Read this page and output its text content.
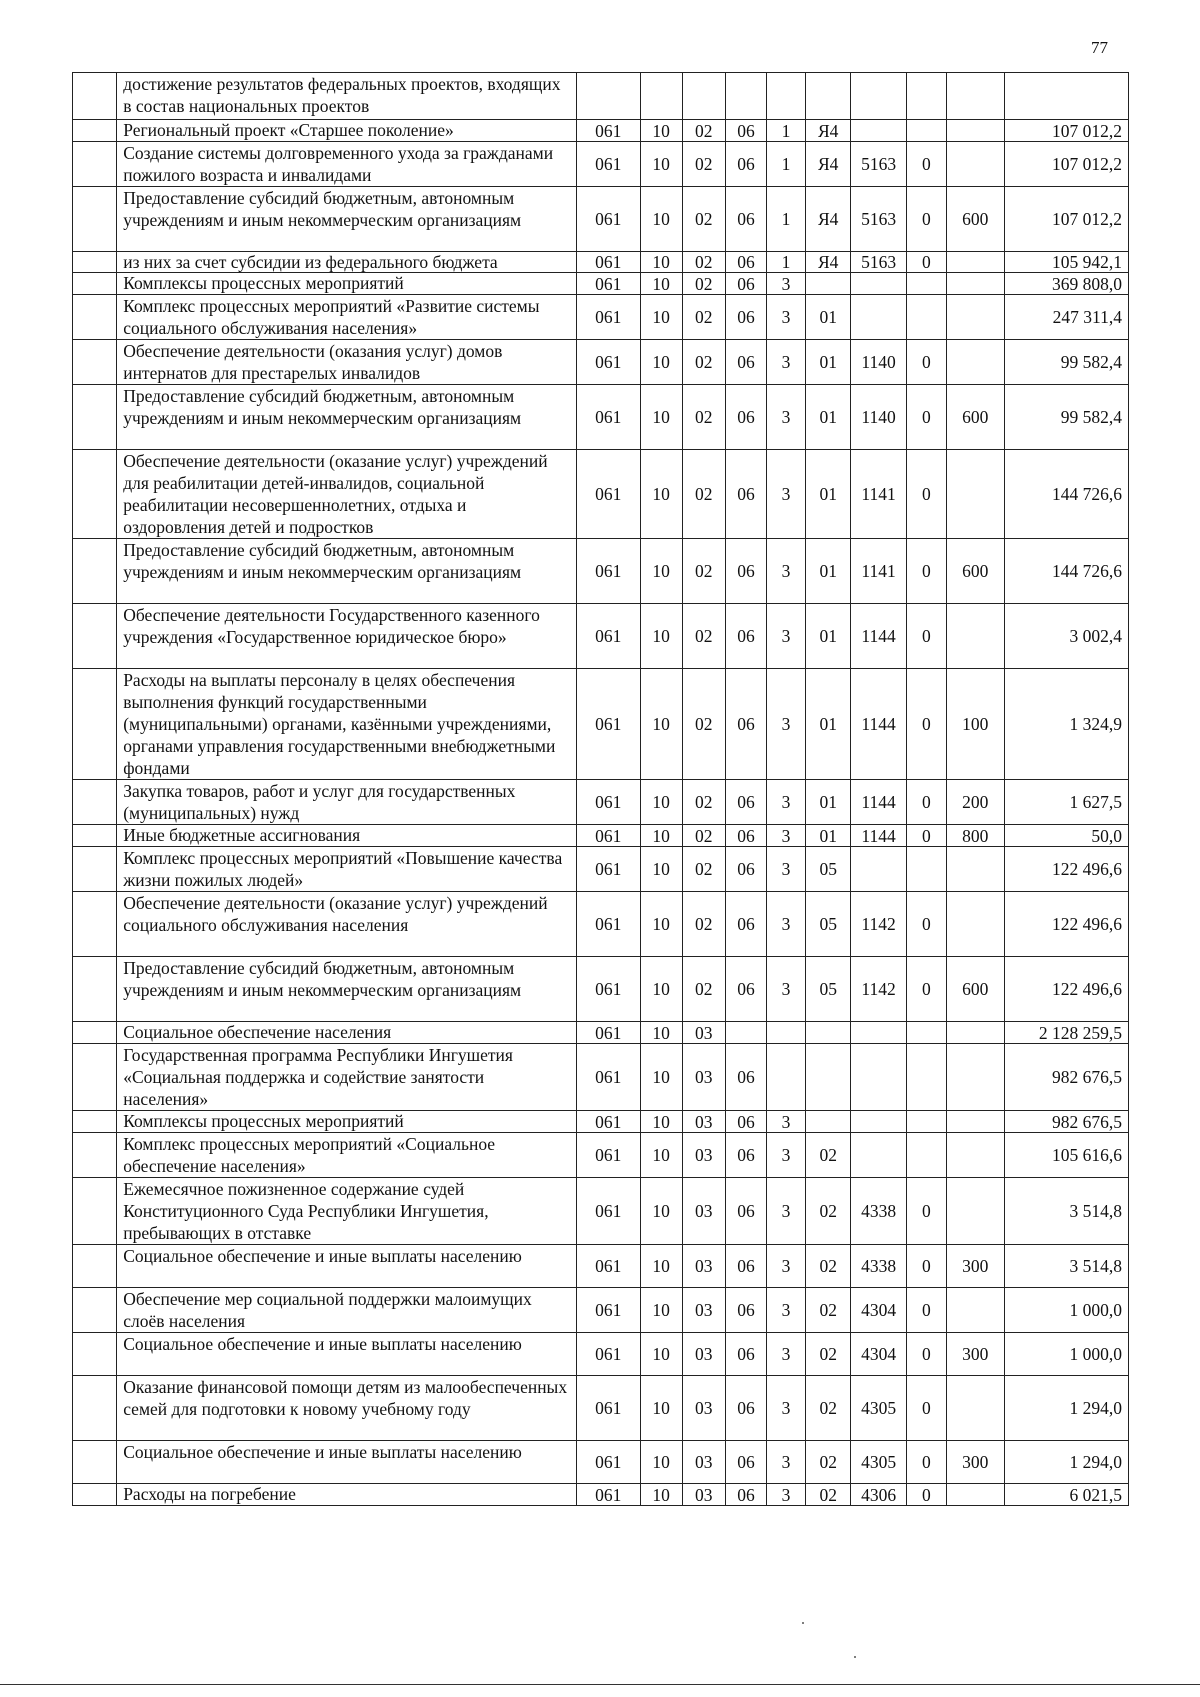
77
	достижение результатов федеральных проектов, входящих в состав национальных проектов										
	Региональный проект «Старшее поколение»	061	10	02	06	1	Я4				107 012,2
	Создание системы долговременного ухода за гражданами пожилого возраста и инвалидами	061	10	02	06	1	Я4	5163	0		107 012,2
	Предоставление субсидий бюджетным, автономным учреждениям и иным некоммерческим организациям	061	10	02	06	1	Я4	5163	0	600	107 012,2
	из них за счет субсидии из федерального бюджета	061	10	02	06	1	Я4	5163	0		105 942,1
	Комплексы процессных мероприятий	061	10	02	06	3					369 808,0
	Комплекс процессных мероприятий «Развитие системы социального обслуживания населения»	061	10	02	06	3	01				247 311,4
	Обеспечение деятельности (оказания услуг) домов интернатов для престарелых инвалидов	061	10	02	06	3	01	1140	0		99 582,4
	Предоставление субсидий бюджетным, автономным учреждениям и иным некоммерческим организациям	061	10	02	06	3	01	1140	0	600	99 582,4
	Обеспечение деятельности (оказание услуг) учреждений для реабилитации детей-инвалидов, социальной реабилитации несовершеннолетних, отдыха и оздоровления детей и подростков	061	10	02	06	3	01	1141	0		144 726,6
	Предоставление субсидий бюджетным, автономным учреждениям и иным некоммерческим организациям	061	10	02	06	3	01	1141	0	600	144 726,6
	Обеспечение деятельности Государственного казенного учреждения «Государственное юридическое бюро»	061	10	02	06	3	01	1144	0		3 002,4
	Расходы на выплаты персоналу в целях обеспечения выполнения функций государственными (муниципальными) органами, казёнными учреждениями, органами управления государственными внебюджетными фондами	061	10	02	06	3	01	1144	0	100	1 324,9
	Закупка товаров, работ и услуг для государственных (муниципальных) нужд	061	10	02	06	3	01	1144	0	200	1 627,5
	Иные бюджетные ассигнования	061	10	02	06	3	01	1144	0	800	50,0
	Комплекс процессных мероприятий «Повышение качества жизни пожилых людей»	061	10	02	06	3	05				122 496,6
	Обеспечение деятельности (оказание услуг) учреждений социального обслуживания населения	061	10	02	06	3	05	1142	0		122 496,6
	Предоставление субсидий бюджетным, автономным учреждениям и иным некоммерческим организациям	061	10	02	06	3	05	1142	0	600	122 496,6
	Социальное обеспечение населения	061	10	03							2 128 259,5
	Государственная программа Республики Ингушетия «Социальная поддержка и содействие занятости населения»	061	10	03	06						982 676,5
	Комплексы процессных мероприятий	061	10	03	06	3					982 676,5
	Комплекс процессных мероприятий «Социальное обеспечение населения»	061	10	03	06	3	02				105 616,6
	Ежемесячное пожизненное содержание судей Конституционного Суда Республики Ингушетия, пребывающих в отставке	061	10	03	06	3	02	4338	0		3 514,8
	Социальное обеспечение и иные выплаты населению	061	10	03	06	3	02	4338	0	300	3 514,8
	Обеспечение мер социальной поддержки малоимущих слоёв населения	061	10	03	06	3	02	4304	0		1 000,0
	Социальное обеспечение и иные выплаты населению	061	10	03	06	3	02	4304	0	300	1 000,0
	Оказание финансовой помощи детям из малообеспеченных семей для подготовки к новому учебному году	061	10	03	06	3	02	4305	0		1 294,0
	Социальное обеспечение и иные выплаты населению	061	10	03	06	3	02	4305	0	300	1 294,0
	Расходы на погребение	061	10	03	06	3	02	4306	0		6 021,5
